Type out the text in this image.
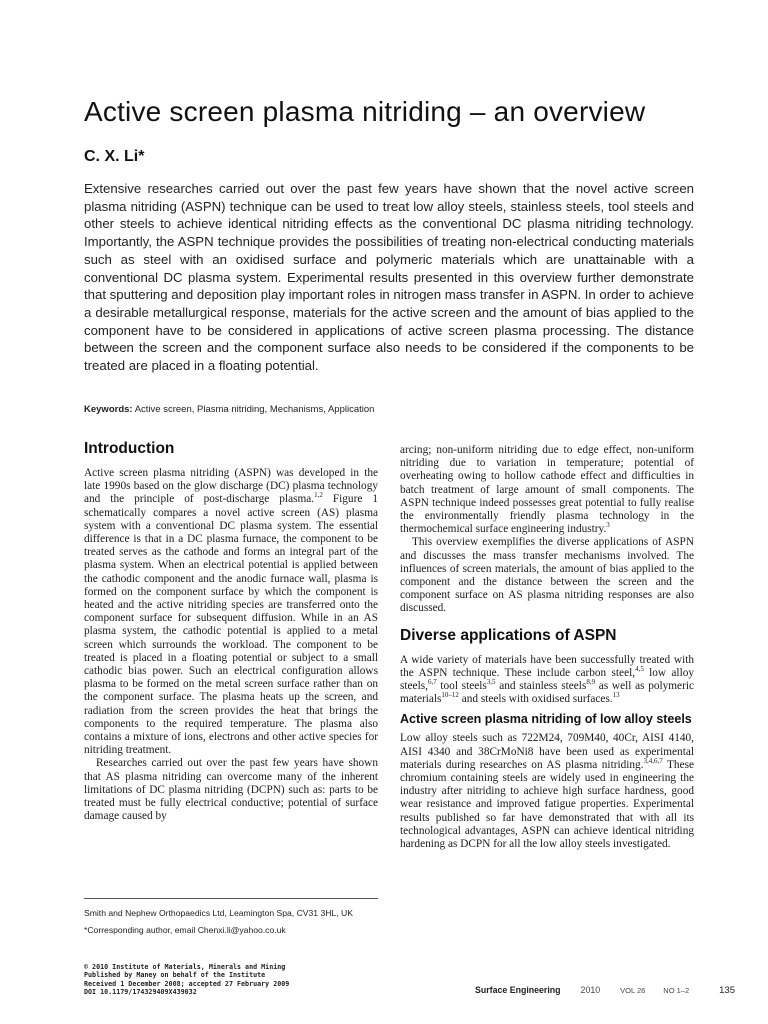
Active screen plasma nitriding – an overview
C. X. Li*

Extensive researches carried out over the past few years have shown that the novel active screen plasma nitriding (ASPN) technique can be used to treat low alloy steels, stainless steels, tool steels and other steels to achieve identical nitriding effects as the conventional DC plasma nitriding technology. Importantly, the ASPN technique provides the possibilities of treating non-electrical conducting materials such as steel with an oxidised surface and polymeric materials which are unattainable with a conventional DC plasma system. Experimental results presented in this overview further demonstrate that sputtering and deposition play important roles in nitrogen mass transfer in ASPN. In order to achieve a desirable metallurgical response, materials for the active screen and the amount of bias applied to the component have to be considered in applications of active screen plasma processing. The distance between the screen and the component surface also needs to be considered if the components to be treated are placed in a floating potential.

Keywords: Active screen, Plasma nitriding, Mechanisms, Application
Introduction

Active screen plasma nitriding (ASPN) was developed in the late 1990s based on the glow discharge (DC) plasma technology and the principle of post-discharge plasma.$^{1,2}$ Figure 1 schematically compares a novel active screen (AS) plasma system with a conventional DC plasma system. The essential difference is that in a DC plasma furnace, the component to be treated serves as the cathode and forms an integral part of the plasma system. When an electrical potential is applied between the cathodic component and the anodic furnace wall, plasma is formed on the component surface by which the component is heated and the active nitriding species are transferred onto the component surface for subsequent diffusion. While in an AS plasma system, the cathodic potential is applied to a metal screen which surrounds the workload. The component to be treated is placed in a floating potential or subject to a small cathodic bias power. Such an electrical configuration allows plasma to be formed on the metal screen surface rather than on the component surface. The plasma heats up the screen, and radiation from the screen provides the heat that brings the components to the required temperature. The plasma also contains a mixture of ions, electrons and other active species for nitriding treatment.

Researches carried out over the past few years have shown that AS plasma nitriding can overcome many of the inherent limitations of DC plasma nitriding (DCPN) such as: parts to be treated must be fully electrical conductive; potential of surface damage caused by

arcing; non-uniform nitriding due to edge effect, non-uniform nitriding due to variation in temperature; potential of overheating owing to hollow cathode effect and difficulties in batch treatment of large amount of small components. The ASPN technique indeed possesses great potential to fully realise the environmentally friendly plasma technology in the thermochemical surface engineering industry.$^3$

This overview exemplifies the diverse applications of ASPN and discusses the mass transfer mechanisms involved. The influences of screen materials, the amount of bias applied to the component and the distance between the screen and the component surface on AS plasma nitriding responses are also discussed.

Diverse applications of ASPN

A wide variety of materials have been successfully treated with the ASPN technique. These include carbon steel,$^{4,5}$ low alloy steels,$^{6,7}$ tool steels$^{3,5}$ and stainless steels$^{8,9}$ as well as polymeric materials$^{10-12}$ and steels with oxidised surfaces.$^{13}$

Active screen plasma nitriding of low alloy steels

Low alloy steels such as 722M24, 709M40, 40Cr, AISI 4140, AISI 4340 and 38CrMoNi8 have been used as experimental materials during researches on AS plasma nitriding.$^{3,4,6,7}$ These chromium containing steels are widely used in engineering the industry after nitriding to achieve high surface hardness, good wear resistance and improved fatigue properties. Experimental results published so far have demonstrated that with all its technological advantages, ASPN can achieve identical nitriding hardening as DCPN for all the low alloy steels investigated.

Smith and Nephew Orthopaedics Ltd, Leamington Spa, CV31 3HL, UK
*Corresponding author, email Chenxi.li@yahoo.co.uk
© 2010 Institute of Materials, Minerals and Mining
Published by Maney on behalf of the Institute
Received 1 December 2008; accepted 27 February 2009
DOI 10.1179/174329409X439032	Surface Engineering 2010	VOL 26 NO 1–2	135
